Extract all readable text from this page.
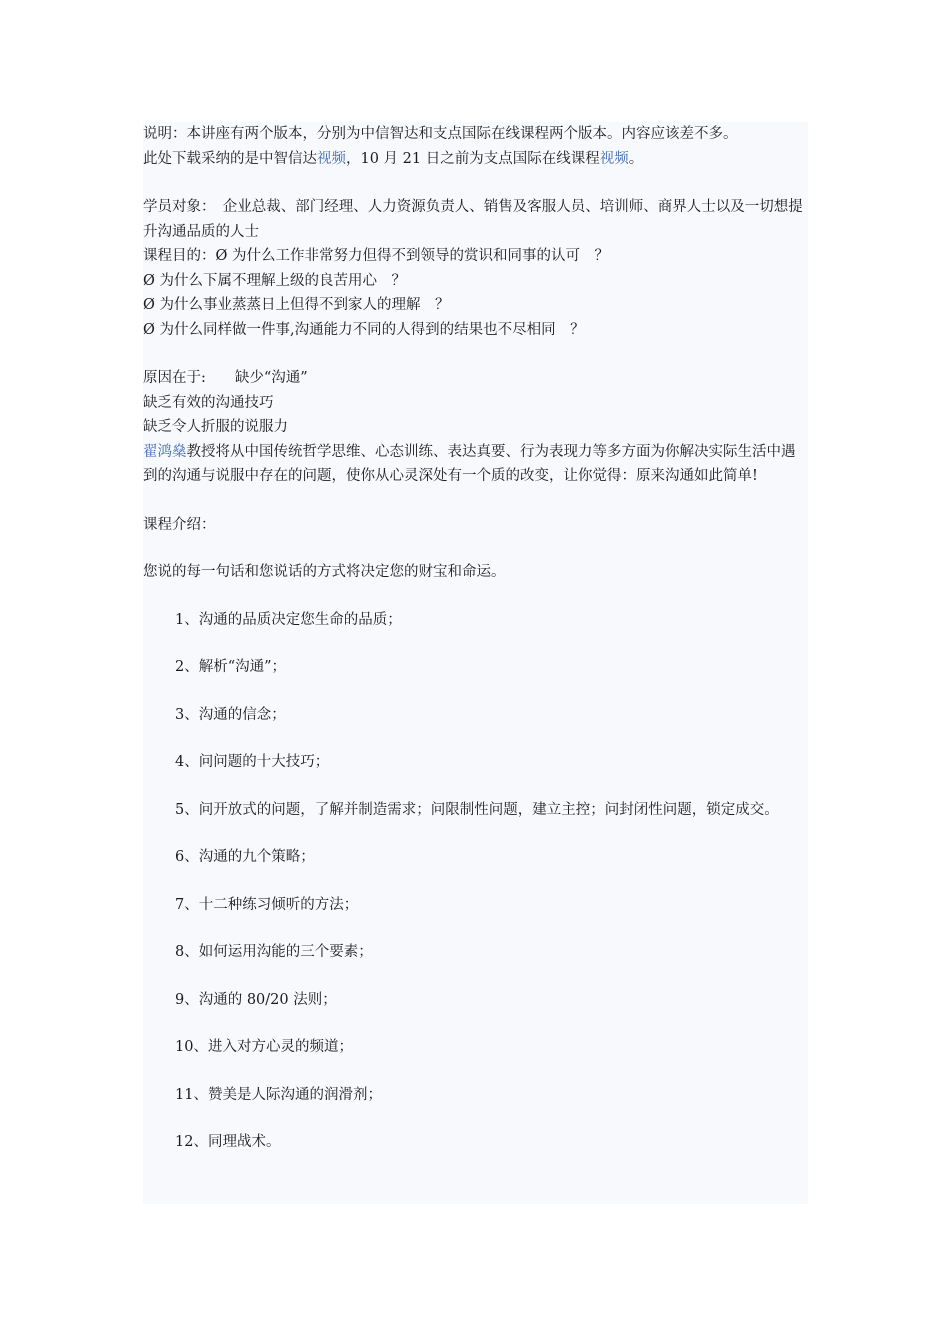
说明：本讲座有两个版本，分别为中信智达和支点国际在线课程两个版本。内容应该差不多。

此处下载采纳的是中智信达视频，10 月 21 日之前为支点国际在线课程视频。

学员对象：　企业总裁、部门经理、人力资源负责人、销售及客服人员、培训师、商界人士以及一切想提升沟通品质的人士

课程目的：Ø 为什么工作非常努力但得不到领导的赏识和同事的认可　？

Ø 为什么下属不理解上级的良苦用心　？

Ø 为什么事业蒸蒸日上但得不到家人的理解　？

Ø 为什么同样做一件事,沟通能力不同的人得到的结果也不尽相同　？

原因在于:　　缺少“沟通”

缺乏有效的沟通技巧

缺乏令人折服的说服力

翟鸿燊教授将从中国传统哲学思维、心态训练、表达真要、行为表现力等多方面为你解决实际生活中遇到的沟通与说服中存在的问题，使你从心灵深处有一个质的改变，让你觉得：原来沟通如此简单!

课程介绍：

您说的每一句话和您说话的方式将决定您的财宝和命运。

1、沟通的品质决定您生命的品质；

2、解析“沟通”；

3、沟通的信念；

4、问问题的十大技巧；

5、问开放式的问题，了解并制造需求；问限制性问题，建立主控；问封闭性问题，锁定成交。

6、沟通的九个策略；

7、十二种练习倾听的方法；

8、如何运用沟能的三个要素；

9、沟通的 80/20 法则；

10、进入对方心灵的频道；

11、赞美是人际沟通的润滑剂；

12、同理战术。
